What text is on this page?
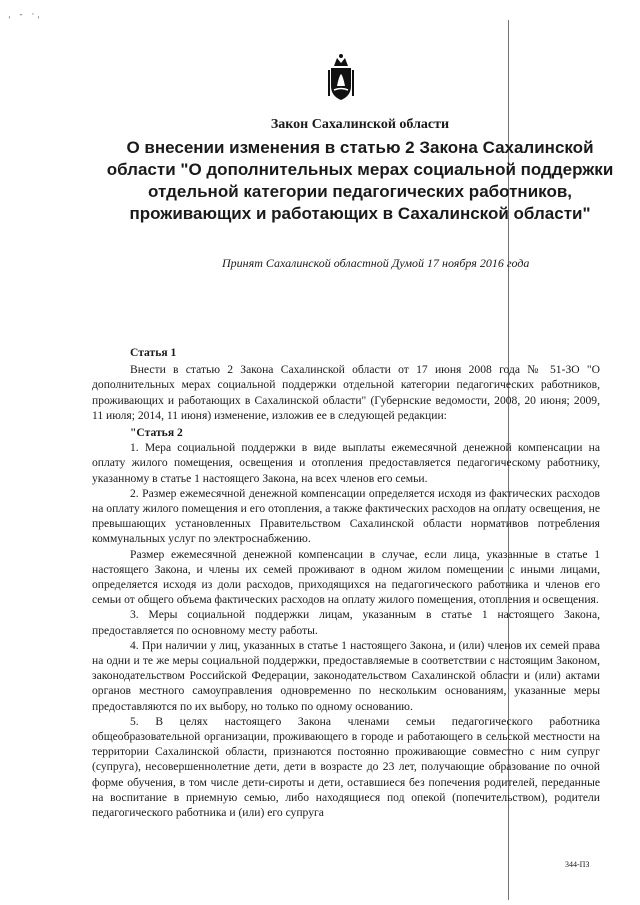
ˌ - ·ˌ
Закон Сахалинской области
О внесении изменения в статью 2 Закона Сахалинской области "О дополнительных мерах социальной поддержки отдельной категории педагогических работников, проживающих и работающих в Сахалинской области"
Принят Сахалинской областной Думой 17 ноября 2016 года

Статья 1

Внести в статью 2 Закона Сахалинской области от 17 июня 2008 года № 51-ЗО "О дополнительных мерах социальной поддержки отдельной категории педагогических работников, проживающих и работающих в Сахалинской области" (Губернские ведомости, 2008, 20 июня; 2009, 11 июля; 2014, 11 июня) изменение, изложив ее в следующей редакции:

"Статья 2

1. Мера социальной поддержки в виде выплаты ежемесячной денежной компенсации на оплату жилого помещения, освещения и отопления предоставляется педагогическому работнику, указанному в статье 1 настоящего Закона, на всех членов его семьи.

2. Размер ежемесячной денежной компенсации определяется исходя из фактических расходов на оплату жилого помещения и его отопления, а также фактических расходов на оплату освещения, не превышающих установленных Правительством Сахалинской области нормативов потребления коммунальных услуг по электроснабжению.

Размер ежемесячной денежной компенсации в случае, если лица, указанные в статье 1 настоящего Закона, и члены их семей проживают в одном жилом помещении с иными лицами, определяется исходя из доли расходов, приходящихся на педагогического работника и членов его семьи от общего объема фактических расходов на оплату жилого помещения, отопления и освещения.

3. Меры социальной поддержки лицам, указанным в статье 1 настоящего Закона, предоставляется по основному месту работы.

4. При наличии у лиц, указанных в статье 1 настоящего Закона, и (или) членов их семей права на одни и те же меры социальной поддержки, предоставляемые в соответствии с настоящим Законом, законодательством Российской Федерации, законодательством Сахалинской области и (или) актами органов местного самоуправления одновременно по нескольким основаниям, указанные меры предоставляются по их выбору, но только по одному основанию.

5. В целях настоящего Закона членами семьи педагогического работника общеобразовательной организации, проживающего в городе и работающего в сельской местности на территории Сахалинской области, признаются постоянно проживающие совместно с ним супруг (супруга), несовершеннолетние дети, дети в возрасте до 23 лет, получающие образование по очной форме обучения, в том числе дети-сироты и дети, оставшиеся без попечения родителей, переданные на воспитание в приемную семью, либо находящиеся под опекой (попечительством), родители педагогического работника и (или) его супруга

344-ПЗ
